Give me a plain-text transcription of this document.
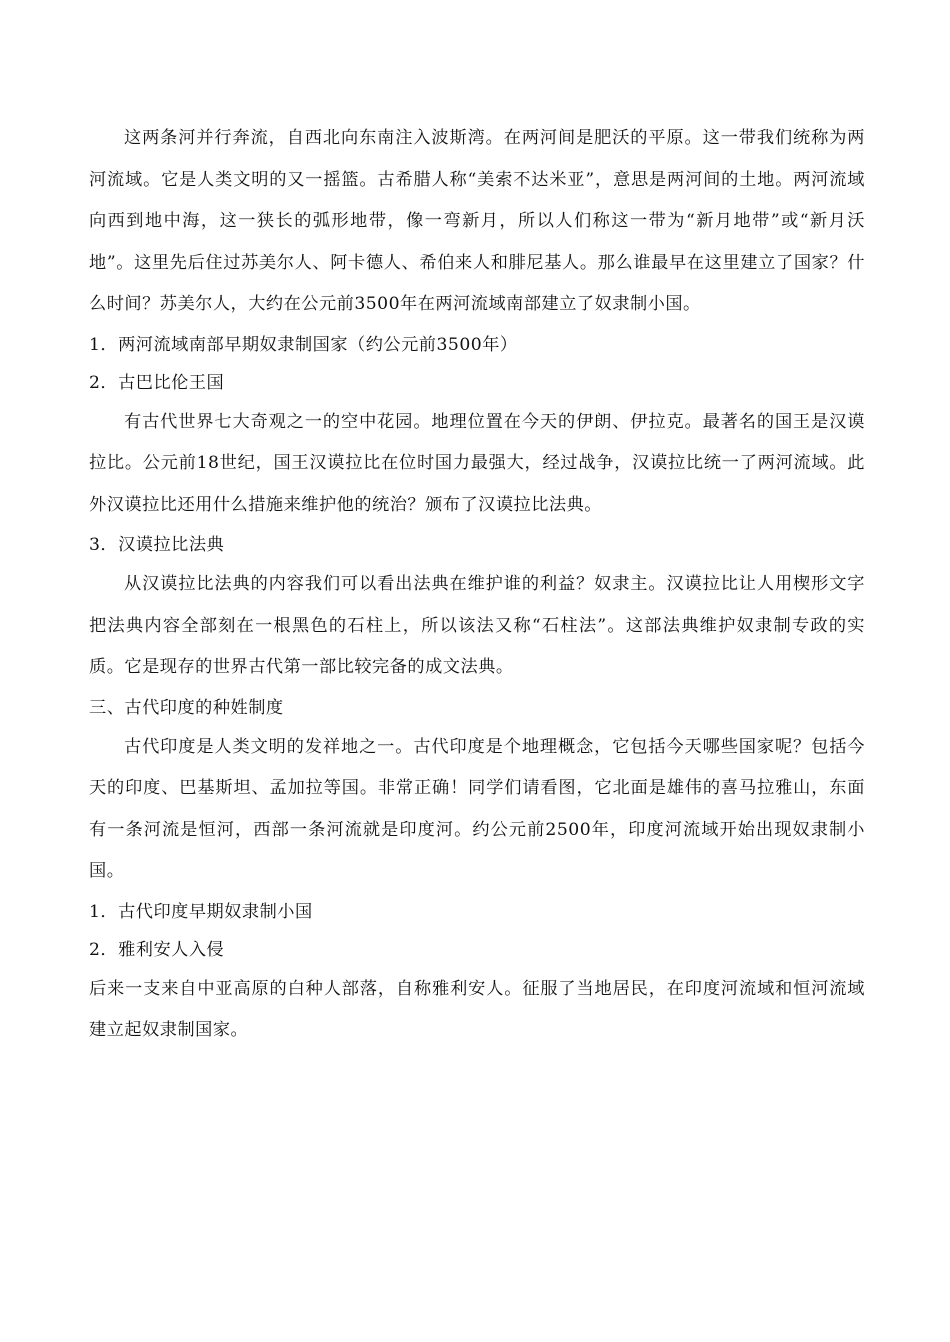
这两条河并行奔流，自西北向东南注入波斯湾。在两河间是肥沃的平原。这一带我们统称为两河流域。它是人类文明的又一摇篮。古希腊人称“美索不达米亚”，意思是两河间的土地。两河流域向西到地中海，这一狭长的弧形地带，像一弯新月，所以人们称这一带为“新月地带”或“新月沃地”。这里先后住过苏美尔人、阿卡德人、希伯来人和腓尼基人。那么谁最早在这里建立了国家？什么时间？苏美尔人，大约在公元前3500年在两河流域南部建立了奴隶制小国。

1．两河流域南部早期奴隶制国家（约公元前3500年）
2．古巴比伦王国

有古代世界七大奇观之一的空中花园。地理位置在今天的伊朗、伊拉克。最著名的国王是汉谟拉比。公元前18世纪，国王汉谟拉比在位时国力最强大，经过战争，汉谟拉比统一了两河流域。此外汉谟拉比还用什么措施来维护他的统治？颁布了汉谟拉比法典。

3．汉谟拉比法典

从汉谟拉比法典的内容我们可以看出法典在维护谁的利益？奴隶主。汉谟拉比让人用楔形文字把法典内容全部刻在一根黑色的石柱上，所以该法又称“石柱法”。这部法典维护奴隶制专政的实质。它是现存的世界古代第一部比较完备的成文法典。

三、古代印度的种姓制度

古代印度是人类文明的发祥地之一。古代印度是个地理概念，它包括今天哪些国家呢？包括今天的印度、巴基斯坦、孟加拉等国。非常正确！同学们请看图，它北面是雄伟的喜马拉雅山，东面有一条河流是恒河，西部一条河流就是印度河。约公元前2500年，印度河流域开始出现奴隶制小国。

1．古代印度早期奴隶制小国
2．雅利安人入侵

后来一支来自中亚高原的白种人部落，自称雅利安人。征服了当地居民，在印度河流域和恒河流域建立起奴隶制国家。
